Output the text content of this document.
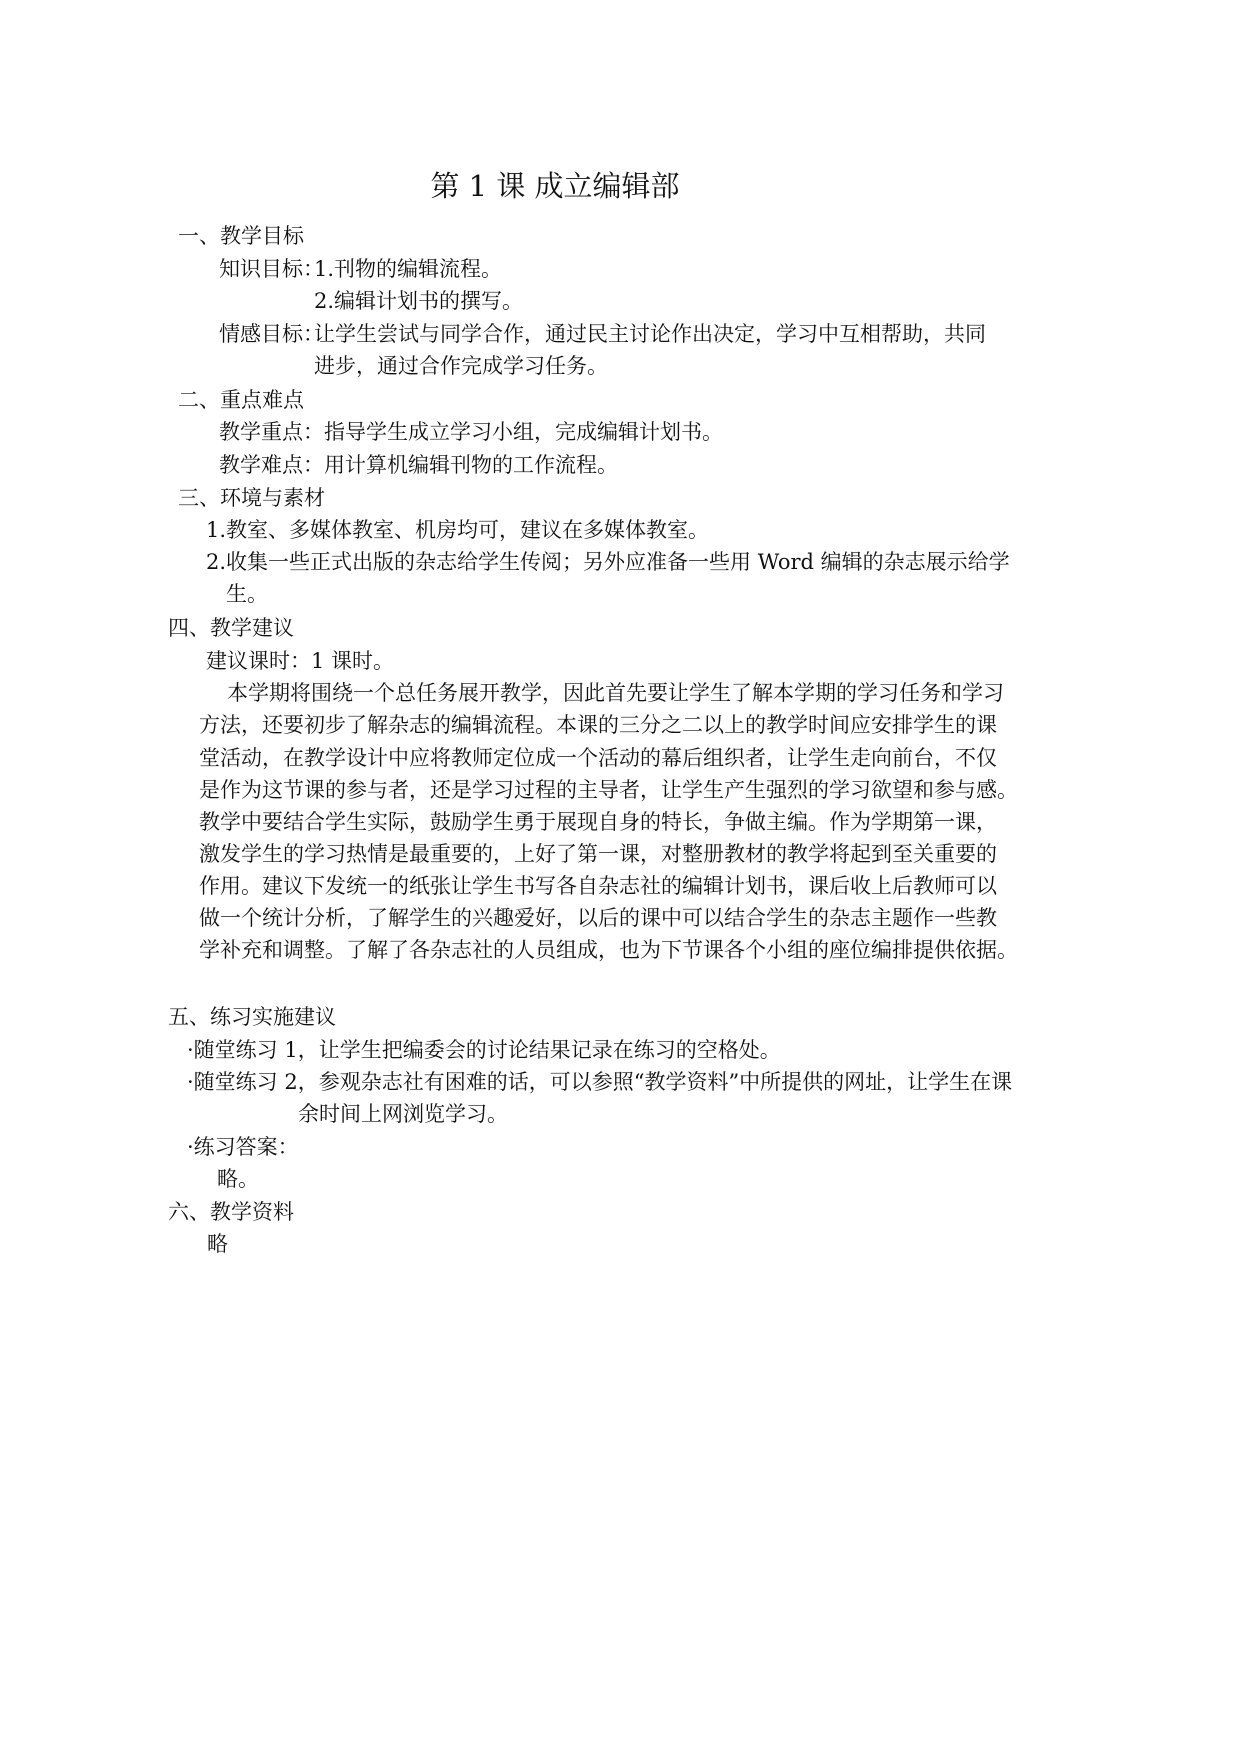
第 1 课 成立编辑部
一、教学目标
知识目标：
1.刊物的编辑流程。
2.编辑计划书的撰写。
情感目标：
让学生尝试与同学合作，通过民主讨论作出决定，学习中互相帮助，共同
进步，通过合作完成学习任务。
二、重点难点
教学重点：指导学生成立学习小组，完成编辑计划书。
教学难点：用计算机编辑刊物的工作流程。
三、环境与素材
1.教室、多媒体教室、机房均可，建议在多媒体教室。
2.收集一些正式出版的杂志给学生传阅；另外应准备一些用 Word 编辑的杂志展示给学
生。
四、教学建议
建议课时：1 课时。
本学期将围绕一个总任务展开教学，因此首先要让学生了解本学期的学习任务和学习
方法，还要初步了解杂志的编辑流程。本课的三分之二以上的教学时间应安排学生的课
堂活动，在教学设计中应将教师定位成一个活动的幕后组织者，让学生走向前台，不仅
是作为这节课的参与者，还是学习过程的主导者，让学生产生强烈的学习欲望和参与感。
教学中要结合学生实际，鼓励学生勇于展现自身的特长，争做主编。作为学期第一课，
激发学生的学习热情是最重要的，上好了第一课，对整册教材的教学将起到至关重要的
作用。建议下发统一的纸张让学生书写各自杂志社的编辑计划书，课后收上后教师可以
做一个统计分析，了解学生的兴趣爱好，以后的课中可以结合学生的杂志主题作一些教
学补充和调整。了解了各杂志社的人员组成，也为下节课各个小组的座位编排提供依据。
五、练习实施建议
·随堂练习 1，让学生把编委会的讨论结果记录在练习的空格处。
·随堂练习 2，参观杂志社有困难的话，可以参照“教学资料”中所提供的网址，让学生在课
余时间上网浏览学习。
·练习答案：
略。
六、教学资料
略
